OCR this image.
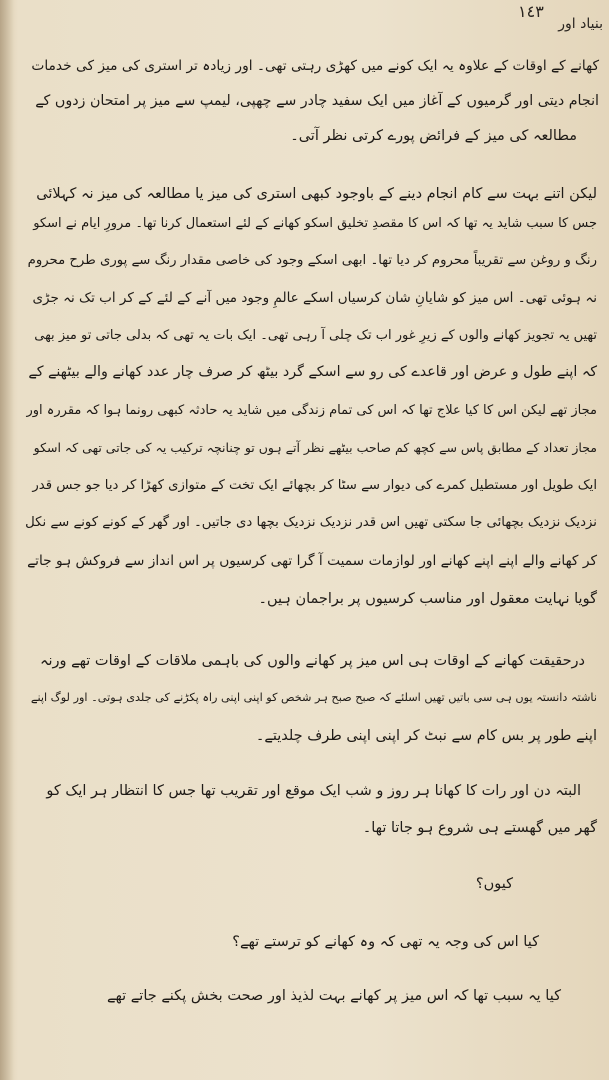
١٤٣
بنیاد اور
کھانے کے اوقات کے علاوہ یہ ایک کونے میں کھڑی رہتی تھی۔ اور زیادہ تر استری کی میز کی خدمات
انجام دیتی اور گرمیوں کے آغاز میں ایک سفید چادر سے چھپی، لیمپ سے میز پر امتحان زدوں کے
مطالعہ کی میز کے فرائض پورے کرتی نظر آتی۔
لیکن اتنے بہت سے کام انجام دینے کے باوجود کبھی استری کی میز یا مطالعہ کی میز نہ کہلائی
جس کا سبب شاید یہ تھا کہ اس کا مقصدِ تخلیق اسکو کھانے کے لئے استعمال کرنا تھا۔ مرورِ ایام نے اسکو
رنگ و روغن سے تقریباً محروم کر دیا تھا۔ ابھی اسکے وجود کی خاصی مقدار رنگ سے پوری طرح محروم
نہ ہوئی تھی۔ اس میز کو شایانِ شان کرسیاں اسکے عالمِ وجود میں آنے کے لئے کے کر اب تک نہ جڑی
تھیں یہ تجویز کھانے والوں کے زیرِ غور اب تک چلی آ رہی تھی۔ ایک بات یہ تھی کہ بدلی جاتی تو میز بھی
کہ اپنے طول و عرض اور قاعدے کی رو سے اسکے گرد بیٹھ کر صرف چار عدد کھانے والے بیٹھنے کے
مجاز تھے لیکن اس کا کیا علاج تھا کہ اس کی تمام زندگی میں شاید یہ حادثہ کبھی رونما ہوا کہ مقررہ اور
مجاز تعداد کے مطابق پاس سے کچھ کم صاحب بیٹھے نظر آتے ہوں تو چنانچہ ترکیب یہ کی جاتی تھی کہ اسکو
ایک طویل اور مستطیل کمرے کی دیوار سے سٹا کر بچھائے ایک تخت کے متوازی کھڑا کر دیا جو جس قدر
نزدیک نزدیک بچھائی جا سکتی تھیں اس قدر نزدیک نزدیک بچھا دی جاتیں۔ اور گھر کے کونے کونے سے نکل
کر کھانے والے اپنے اپنے کھانے اور لوازمات سمیت آ گرا تھی کرسیوں پر اس انداز سے فروکش ہو جاتے
گویا نہایت معقول اور مناسب کرسیوں پر براجمان ہیں۔
درحقیقت کھانے کے اوقات ہی اس میز پر کھانے والوں کی باہمی ملاقات کے اوقات تھے ورنہ
ناشتہ دانستہ یوں ہی سی باتیں تھیں اسلئے کہ صبح صبح ہر شخص کو اپنی اپنی راہ پکڑنے کی جلدی ہوتی۔ اور لوگ اپنے
اپنے طور پر بس کام سے نبٹ کر اپنی اپنی طرف چلدیتے۔
البتہ دن اور رات کا کھانا ہر روز و شب ایک موقع اور تقریب تھا جس کا انتظار ہر ایک کو
گھر میں گھستے ہی شروع ہو جاتا تھا۔
کیوں؟
کیا اس کی وجہ یہ تھی کہ وہ کھانے کو ترستے تھے؟
کیا یہ سبب تھا کہ اس میز پر کھانے بہت لذیذ اور صحت بخش پکنے جاتے تھے
